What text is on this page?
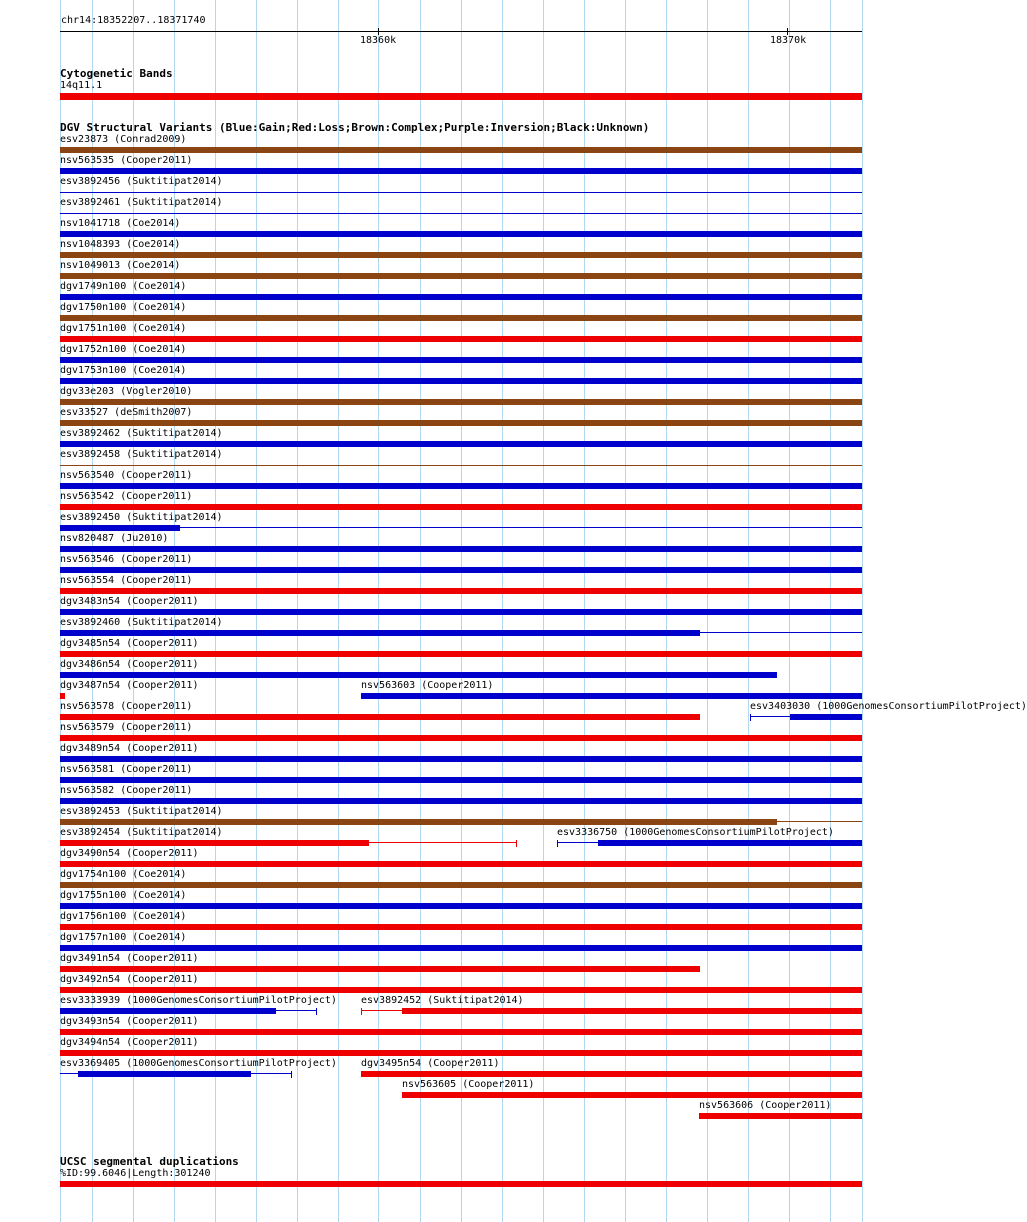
chr14:18352207..18371740
18360k	18370k
Cytogenetic Bands
14q11.1
DGV Structural Variants (Blue:Gain;Red:Loss;Brown:Complex;Purple:Inversion;Black:Unknown)
esv23873 (Conrad2009)
nsv563535 (Cooper2011)
esv3892456 (Suktitipat2014)
esv3892461 (Suktitipat2014)
nsv1041718 (Coe2014)
nsv1048393 (Coe2014)
nsv1049013 (Coe2014)
dgv1749n100 (Coe2014)
dgv1750n100 (Coe2014)
dgv1751n100 (Coe2014)
dgv1752n100 (Coe2014)
dgv1753n100 (Coe2014)
dgv33e203 (Vogler2010)
esv33527 (deSmith2007)
esv3892462 (Suktitipat2014)
esv3892458 (Suktitipat2014)
nsv563540 (Cooper2011)
nsv563542 (Cooper2011)
esv3892450 (Suktitipat2014)
nsv820487 (Ju2010)
nsv563546 (Cooper2011)
nsv563554 (Cooper2011)
dgv3483n54 (Cooper2011)
esv3892460 (Suktitipat2014)
dgv3485n54 (Cooper2011)
dgv3486n54 (Cooper2011)
dgv3487n54 (Cooper2011)	nsv563603 (Cooper2011)
nsv563578 (Cooper2011)	esv3403030 (1000GenomesConsortiumPilotProject)
nsv563579 (Cooper2011)
dgv3489n54 (Cooper2011)
nsv563581 (Cooper2011)
nsv563582 (Cooper2011)
esv3892453 (Suktitipat2014)
esv3892454 (Suktitipat2014)	esv3336750 (1000GenomesConsortiumPilotProject)
dgv3490n54 (Cooper2011)
dgv1754n100 (Coe2014)
dgv1755n100 (Coe2014)
dgv1756n100 (Coe2014)
dgv1757n100 (Coe2014)
dgv3491n54 (Cooper2011)
dgv3492n54 (Cooper2011)
esv3333939 (1000GenomesConsortiumPilotProject) esv3892452 (Suktitipat2014)
dgv3493n54 (Cooper2011)
dgv3494n54 (Cooper2011)
esv3369405 (1000GenomesConsortiumPilotProject) dgv3495n54 (Cooper2011)
nsv563605 (Cooper2011)
nsv563606 (Cooper2011)
UCSC segmental duplications
%ID:99.6046|Length:301240
